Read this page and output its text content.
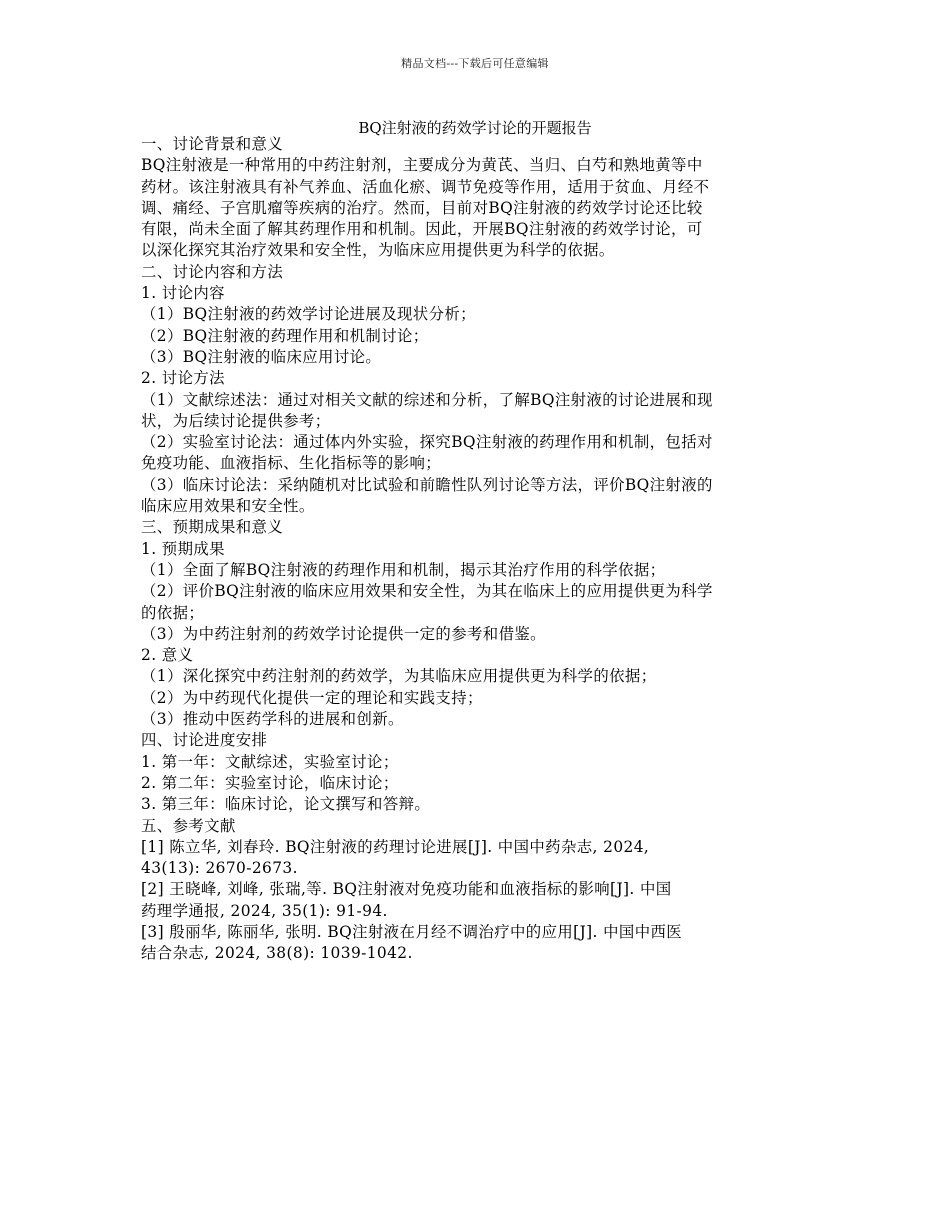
精品文档---下载后可任意编辑
BQ注射液的药效学讨论的开题报告

一、讨论背景和意义

BQ注射液是一种常用的中药注射剂，主要成分为黄芪、当归、白芍和熟地黄等中

药材。该注射液具有补气养血、活血化瘀、调节免疫等作用，适用于贫血、月经不

调、痛经、子宫肌瘤等疾病的治疗。然而，目前对BQ注射液的药效学讨论还比较

有限，尚未全面了解其药理作用和机制。因此，开展BQ注射液的药效学讨论，可

以深化探究其治疗效果和安全性，为临床应用提供更为科学的依据。

二、讨论内容和方法

1. 讨论内容

（1）BQ注射液的药效学讨论进展及现状分析；

（2）BQ注射液的药理作用和机制讨论；

（3）BQ注射液的临床应用讨论。

2. 讨论方法

（1）文献综述法：通过对相关文献的综述和分析，了解BQ注射液的讨论进展和现

状，为后续讨论提供参考；

（2）实验室讨论法：通过体内外实验，探究BQ注射液的药理作用和机制，包括对

免疫功能、血液指标、生化指标等的影响；

（3）临床讨论法：采纳随机对比试验和前瞻性队列讨论等方法，评价BQ注射液的

临床应用效果和安全性。

三、预期成果和意义

1. 预期成果

（1）全面了解BQ注射液的药理作用和机制，揭示其治疗作用的科学依据；

（2）评价BQ注射液的临床应用效果和安全性，为其在临床上的应用提供更为科学

的依据；

（3）为中药注射剂的药效学讨论提供一定的参考和借鉴。

2. 意义

（1）深化探究中药注射剂的药效学，为其临床应用提供更为科学的依据；

（2）为中药现代化提供一定的理论和实践支持；

（3）推动中医药学科的进展和创新。

四、讨论进度安排

1. 第一年：文献综述，实验室讨论；

2. 第二年：实验室讨论，临床讨论；

3. 第三年：临床讨论，论文撰写和答辩。

五、参考文献

[1] 陈立华, 刘春玲. BQ注射液的药理讨论进展[J]. 中国中药杂志, 2024,

43(13): 2670-2673.

[2] 王晓峰, 刘峰, 张瑞,等. BQ注射液对免疫功能和血液指标的影响[J]. 中国

药理学通报, 2024, 35(1): 91-94.

[3] 殷丽华, 陈丽华, 张明. BQ注射液在月经不调治疗中的应用[J]. 中国中西医

结合杂志, 2024, 38(8): 1039-1042.
